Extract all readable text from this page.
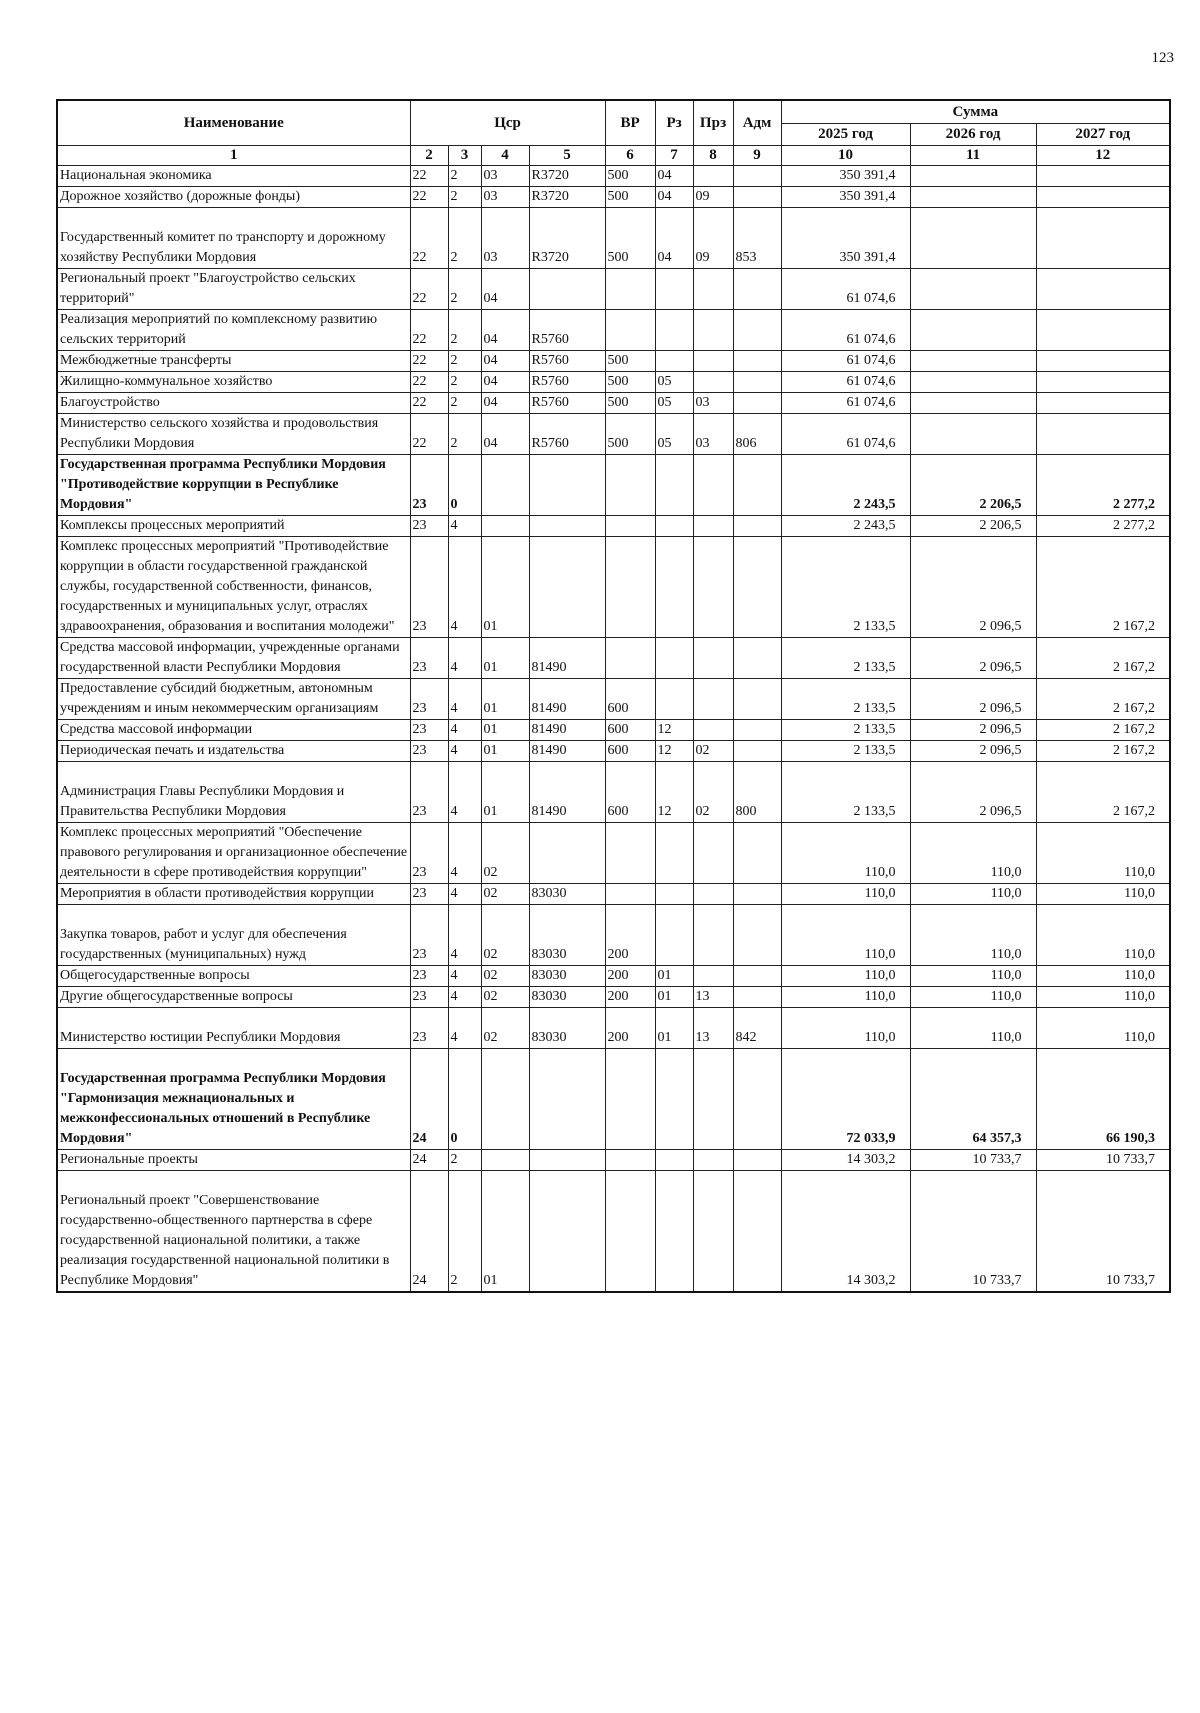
123
Наименование	Цср				ВР	Рз	Прз	Адм	Сумма		
									2025 год	2026 год	2027 год
1	2	3	4	5	6	7	8	9	10	11	12
Национальная экономика	22	2	03	R3720	500	04			350 391,4		
Дорожное хозяйство (дорожные фонды)	22	2	03	R3720	500	04	09		350 391,4		
Государственный комитет по транспорту и дорожному хозяйству Республики Мордовия	22	2	03	R3720	500	04	09	853	350 391,4		
Региональный проект "Благоустройство сельских территорий"	22	2	04						61 074,6		
Реализация мероприятий по комплексному развитию сельских территорий	22	2	04	R5760					61 074,6		
Межбюджетные трансферты	22	2	04	R5760	500				61 074,6		
Жилищно-коммунальное хозяйство	22	2	04	R5760	500	05			61 074,6		
Благоустройство	22	2	04	R5760	500	05	03		61 074,6		
Министерство сельского хозяйства и продовольствия Республики Мордовия	22	2	04	R5760	500	05	03	806	61 074,6		
Государственная программа Республики Мордовия "Противодействие коррупции в Республике Мордовия"	23	0							2 243,5	2 206,5	2 277,2
Комплексы процессных мероприятий	23	4							2 243,5	2 206,5	2 277,2
Комплекс процессных мероприятий "Противодействие коррупции в области государственной гражданской службы, государственной собственности, финансов, государственных и муниципальных услуг, отраслях здравоохранения, образования и воспитания молодежи"	23	4	01						2 133,5	2 096,5	2 167,2
Средства массовой информации, учрежденные органами государственной власти Республики Мордовия	23	4	01	81490					2 133,5	2 096,5	2 167,2
Предоставление субсидий бюджетным, автономным учреждениям и иным некоммерческим организациям	23	4	01	81490	600				2 133,5	2 096,5	2 167,2
Средства массовой информации	23	4	01	81490	600	12			2 133,5	2 096,5	2 167,2
Периодическая печать и издательства	23	4	01	81490	600	12	02		2 133,5	2 096,5	2 167,2
Администрация Главы Республики Мордовия и Правительства Республики Мордовия	23	4	01	81490	600	12	02	800	2 133,5	2 096,5	2 167,2
Комплекс процессных мероприятий "Обеспечение правового регулирования и организационное обеспечение деятельности в сфере противодействия коррупции"	23	4	02						110,0	110,0	110,0
Мероприятия в области противодействия коррупции	23	4	02	83030					110,0	110,0	110,0
Закупка товаров, работ и услуг для обеспечения государственных (муниципальных) нужд	23	4	02	83030	200				110,0	110,0	110,0
Общегосударственные вопросы	23	4	02	83030	200	01			110,0	110,0	110,0
Другие общегосударственные вопросы	23	4	02	83030	200	01	13		110,0	110,0	110,0
Министерство юстиции Республики Мордовия	23	4	02	83030	200	01	13	842	110,0	110,0	110,0
Государственная программа Республики Мордовия "Гармонизация межнациональных и межконфессиональных отношений в Республике Мордовия"	24	0							72 033,9	64 357,3	66 190,3
Региональные проекты	24	2							14 303,2	10 733,7	10 733,7
Региональный проект "Совершенствование государственно-общественного партнерства в сфере государственной национальной политики, а также реализация государственной национальной политики в Республике Мордовия"	24	2	01						14 303,2	10 733,7	10 733,7
